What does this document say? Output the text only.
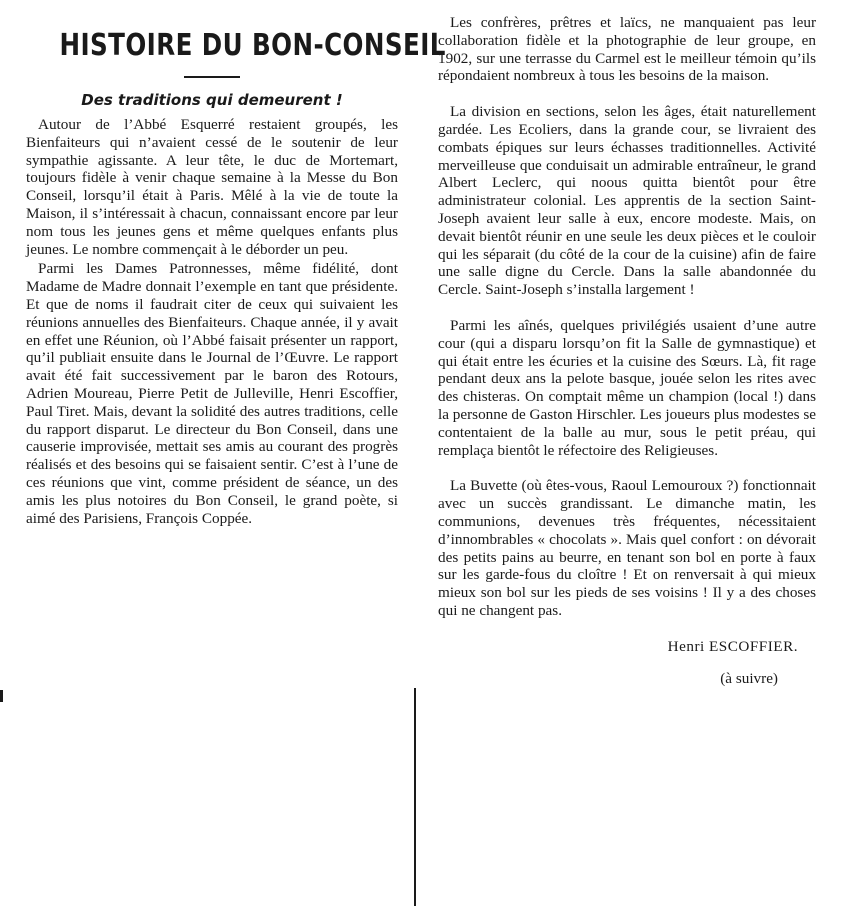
HISTOIRE DU BON-CONSEIL
Des traditions qui demeurent !

Autour de l’Abbé Esquerré restaient groupés, les Bienfaiteurs qui n’avaient cessé de le soutenir de leur sympathie agissante. A leur tête, le duc de Mortemart, toujours fidèle à venir chaque semaine à la Messe du Bon Conseil, lorsqu’il était à Paris. Mêlé à la vie de toute la Maison, il s’intéressait à chacun, connaissant encore par leur nom tous les jeunes gens et même quelques enfants plus jeunes. Le nombre commençait à le déborder un peu.

Parmi les Dames Patronnesses, même fidélité, dont Madame de Madre donnait l’exemple en tant que présidente. Et que de noms il faudrait citer de ceux qui suivaient les réunions annuelles des Bienfaiteurs. Chaque année, il y avait en effet une Réunion, où l’Abbé faisait présenter un rapport, qu’il publiait ensuite dans le Journal de l’Œuvre. Le rapport avait été fait successivement par le baron des Rotours, Adrien Moureau, Pierre Petit de Julleville, Henri Escoffier, Paul Tiret. Mais, devant la solidité des autres traditions, celle du rapport disparut. Le directeur du Bon Conseil, dans une causerie improvisée, mettait ses amis au courant des progrès réalisés et des besoins qui se faisaient sentir. C’est à l’une de ces réunions que vint, comme président de séance, un des amis les plus notoires du Bon Conseil, le grand poète, si aimé des Parisiens, François Coppée.

Les confrères, prêtres et laïcs, ne manquaient pas leur collaboration fidèle et la photographie de leur groupe, en 1902, sur une terrasse du Carmel est le meilleur témoin qu’ils répondaient nombreux à tous les besoins de la maison.

La division en sections, selon les âges, était naturellement gardée. Les Ecoliers, dans la grande cour, se livraient des combats épiques sur leurs échasses traditionnelles. Activité merveilleuse que conduisait un admirable entraîneur, le grand Albert Leclerc, qui noous quitta bientôt pour être administrateur colonial. Les apprentis de la section Saint-Joseph avaient leur salle à eux, encore modeste. Mais, on devait bientôt réunir en une seule les deux pièces et le couloir qui les séparait (du côté de la cour de la cuisine) afin de faire une salle digne du Cercle. Dans la salle abandonnée du Cercle. Saint-Joseph s’installa largement !

Parmi les aînés, quelques privilégiés usaient d’une autre cour (qui a disparu lorsqu’on fit la Salle de gymnastique) et qui était entre les écuries et la cuisine des Sœurs. Là, fit rage pendant deux ans la pelote basque, jouée selon les rites avec des chisteras. On comptait même un champion (local !) dans la personne de Gaston Hirschler. Les joueurs plus modestes se contentaient de la balle au mur, sous le petit préau, qui remplaça bientôt le réfectoire des Religieuses.

La Buvette (où êtes-vous, Raoul Lemouroux ?) fonctionnait avec un succès grandissant. Le dimanche matin, les communions, devenues très fréquentes, nécessitaient d’innombrables « chocolats ». Mais quel confort : on dévorait des petits pains au beurre, en tenant son bol en porte à faux sur les garde-fous du cloître ! Et on renversait à qui mieux mieux son bol sur les pieds de ses voisins ! Il y a des choses qui ne changent pas.

Henri ESCOFFIER.
(à suivre)
